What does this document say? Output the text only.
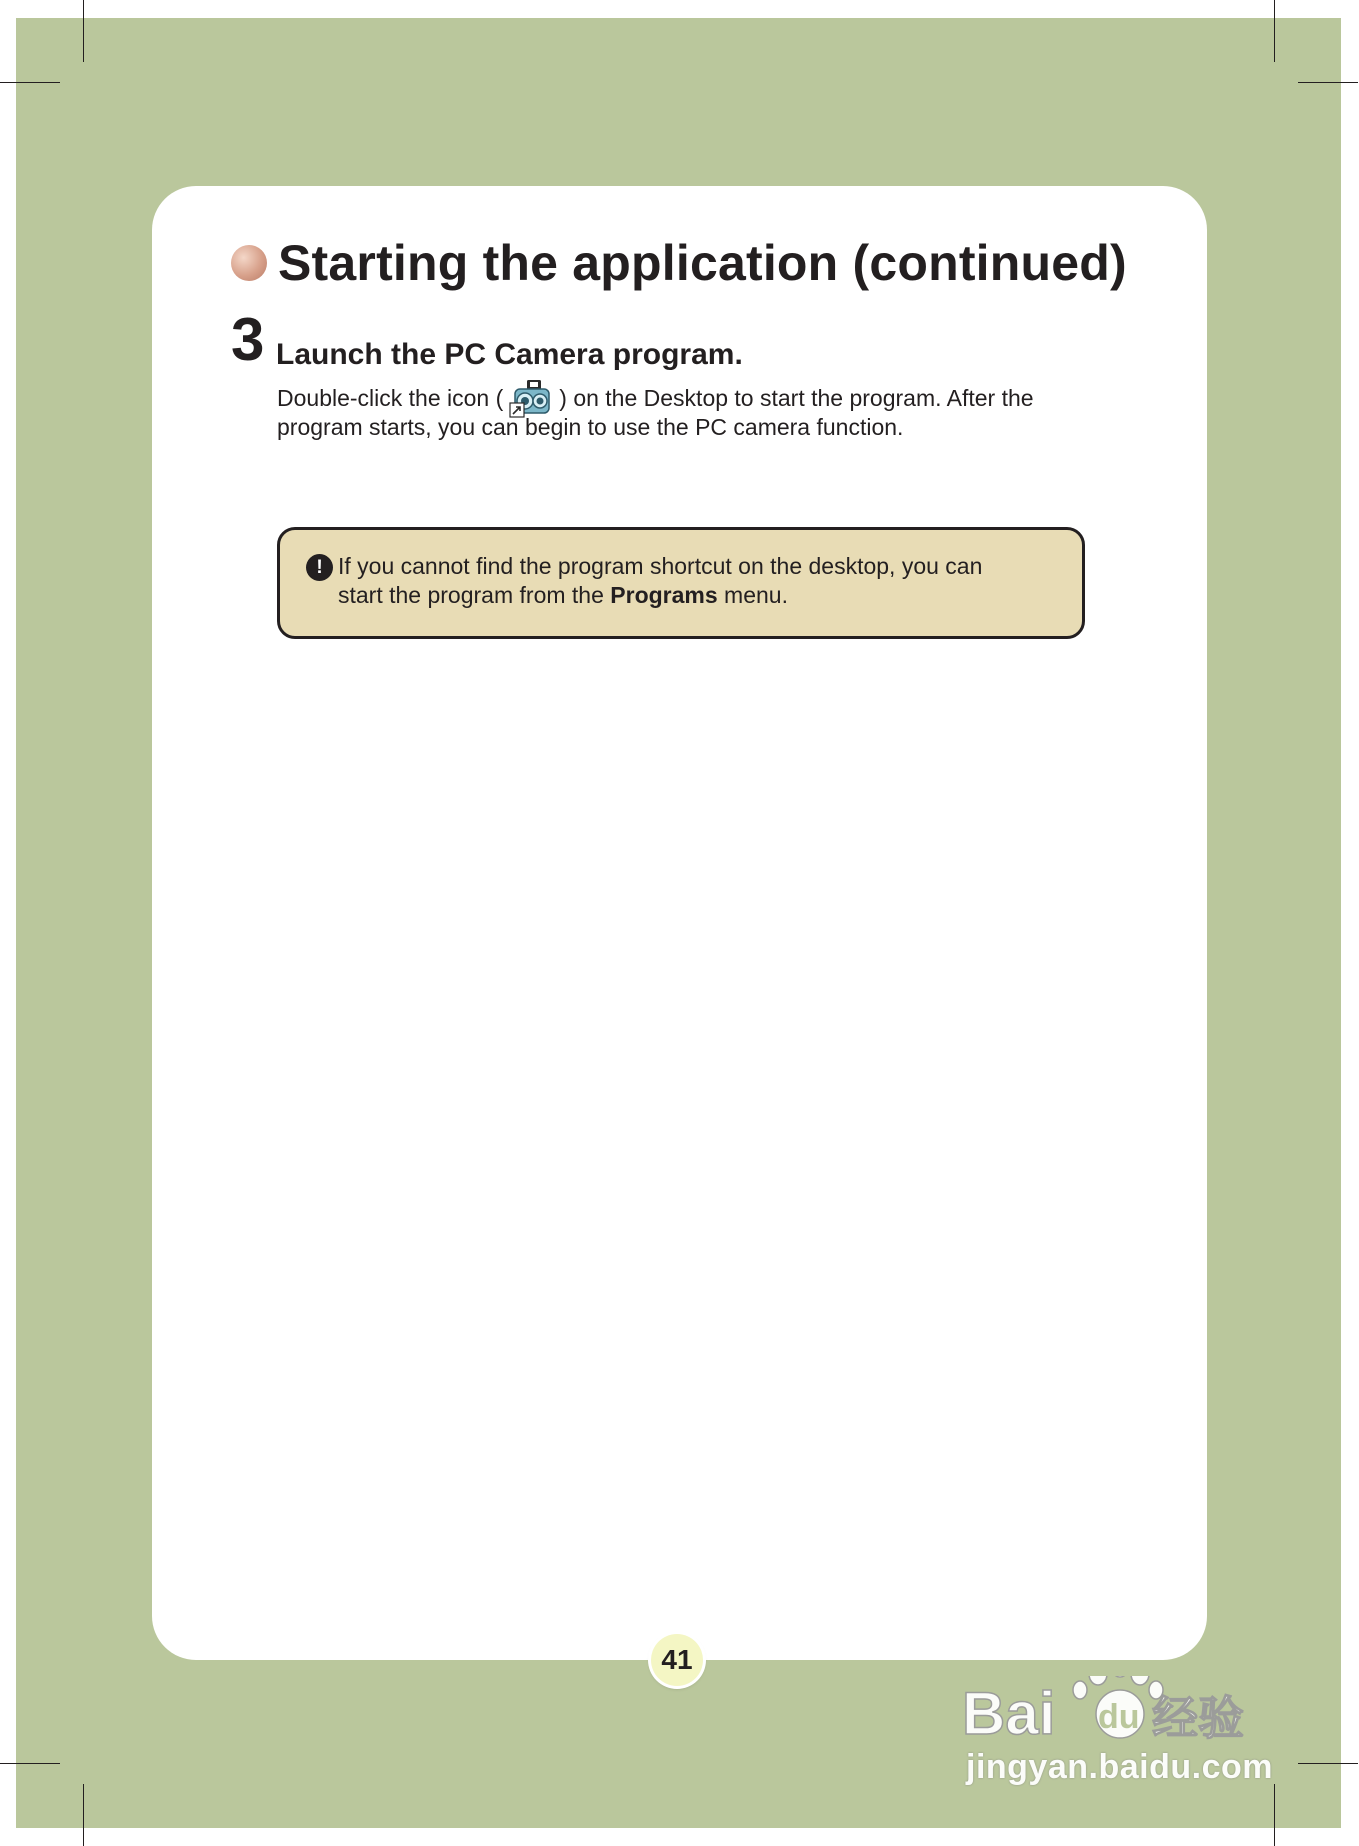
Starting the application (continued)
3 Launch the PC Camera program.
Double-click the icon ( ) on the Desktop to start the program. After the
program starts, you can begin to use the PC camera function.
! If you cannot find the program shortcut on the desktop, you can
start the program from the Programs menu.
41
Bai du 经验
jingyan.baidu.com
